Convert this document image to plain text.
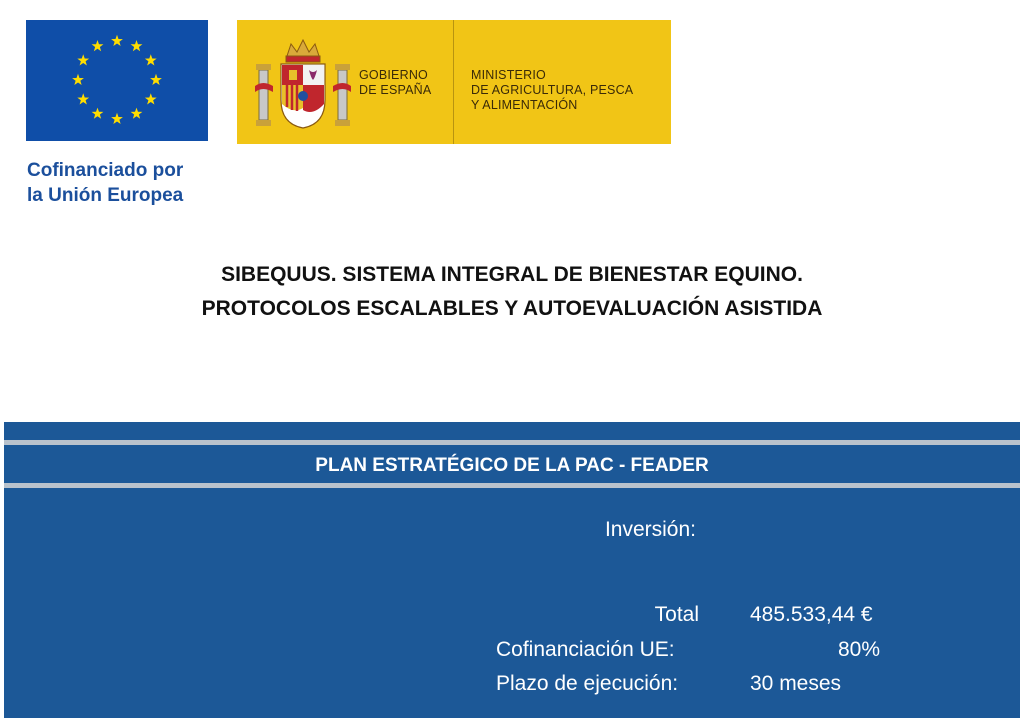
Cofinanciado por
la Unión Europea
GOBIERNO
DE ESPAÑA
MINISTERIO
DE AGRICULTURA, PESCA
Y ALIMENTACIÓN
SIBEQUUS. SISTEMA INTEGRAL DE BIENESTAR EQUINO.
PROTOCOLOS ESCALABLES Y AUTOEVALUACIÓN ASISTIDA
PLAN ESTRATÉGICO DE LA PAC - FEADER
Inversión:
Total 485.533,44 €
Cofinanciación UE:	80%
Plazo de ejecución:	30 meses
